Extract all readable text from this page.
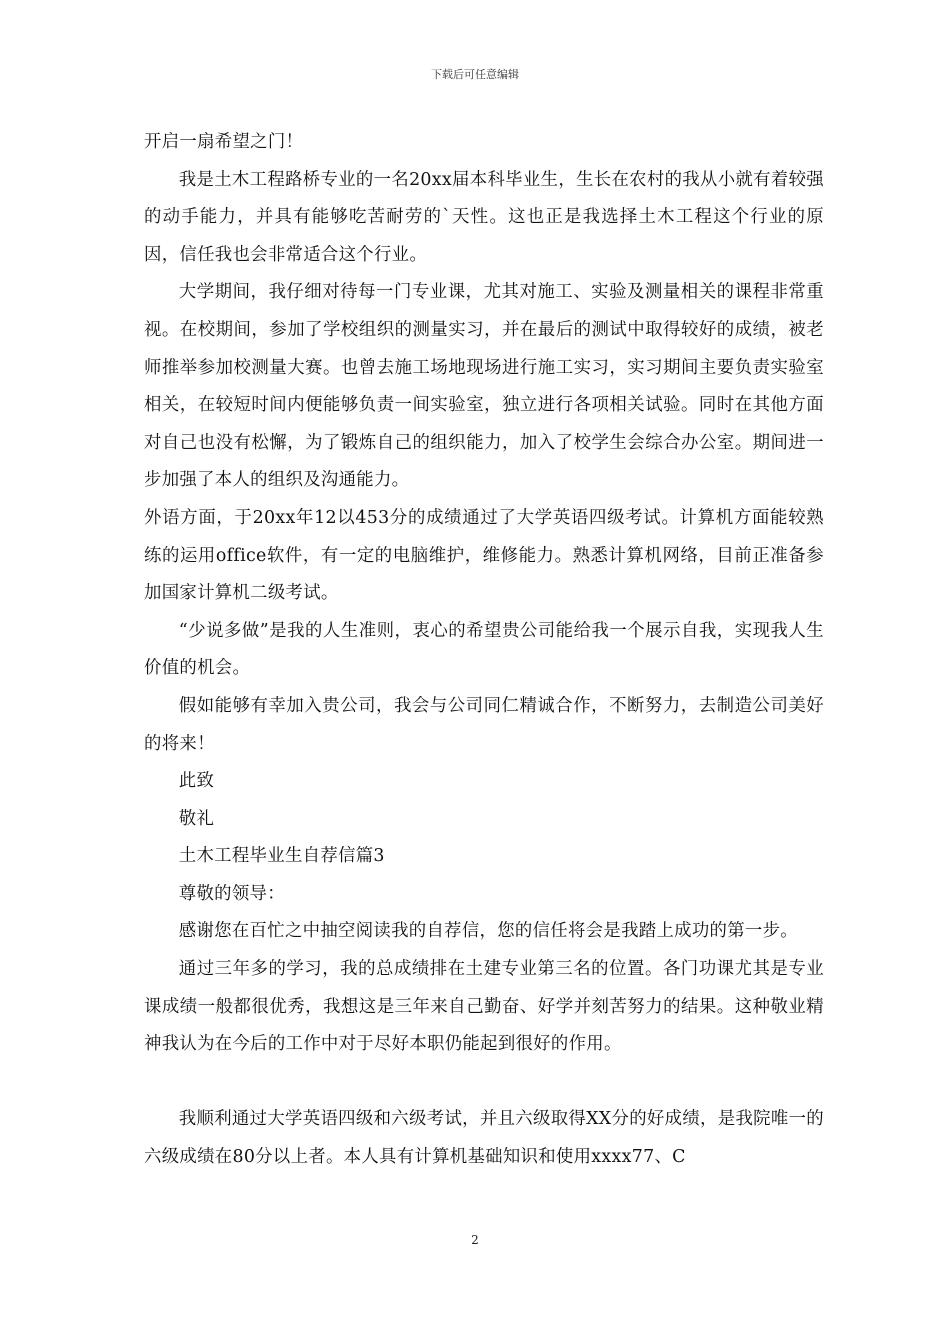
下载后可任意编辑

开启一扇希望之门！

我是土木工程路桥专业的一名20xx届本科毕业生，生长在农村的我从小就有着较强的动手能力，并具有能够吃苦耐劳的`天性。这也正是我选择土木工程这个行业的原因，信任我也会非常适合这个行业。

大学期间，我仔细对待每一门专业课，尤其对施工、实验及测量相关的课程非常重视。在校期间，参加了学校组织的测量实习，并在最后的测试中取得较好的成绩，被老师推举参加校测量大赛。也曾去施工场地现场进行施工实习，实习期间主要负责实验室相关，在较短时间内便能够负责一间实验室，独立进行各项相关试验。同时在其他方面对自己也没有松懈，为了锻炼自己的组织能力，加入了校学生会综合办公室。期间进一步加强了本人的组织及沟通能力。

外语方面，于20xx年12以453分的成绩通过了大学英语四级考试。计算机方面能较熟练的运用office软件，有一定的电脑维护，维修能力。熟悉计算机网络，目前正准备参加国家计算机二级考试。

“少说多做”是我的人生准则，衷心的希望贵公司能给我一个展示自我，实现我人生价值的机会。

假如能够有幸加入贵公司，我会与公司同仁精诚合作，不断努力，去制造公司美好的将来！

此致

敬礼

土木工程毕业生自荐信篇3

尊敬的领导：

感谢您在百忙之中抽空阅读我的自荐信，您的信任将会是我踏上成功的第一步。

通过三年多的学习，我的总成绩排在土建专业第三名的位置。各门功课尤其是专业课成绩一般都很优秀，我想这是三年来自己勤奋、好学并刻苦努力的结果。这种敬业精神我认为在今后的工作中对于尽好本职仍能起到很好的作用。

我顺利通过大学英语四级和六级考试，并且六级取得XX分的好成绩，是我院唯一的六级成绩在80分以上者。本人具有计算机基础知识和使用xxxx77、C

2
